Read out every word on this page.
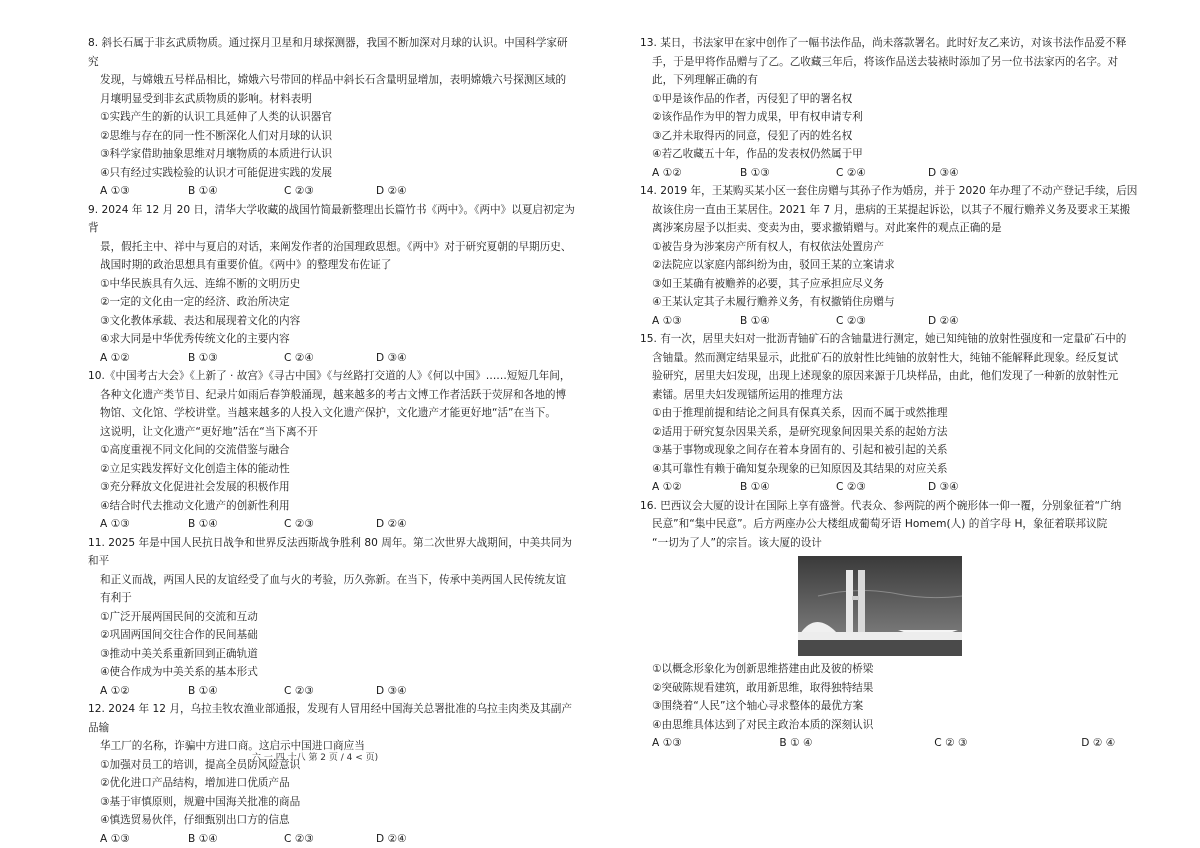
8. 斜长石属于非玄武质物质。通过探月卫星和月球探测器，我国不断加深对月球的认识。中国科学家研究
发现，与嫦娥五号样品相比，嫦娥六号带回的样品中斜长石含量明显增加，表明嫦娥六号探测区域的
月壤明显受到非玄武质物质的影响。材料表明
①实践产生的新的认识工具延伸了人类的认识器官
②思维与存在的同一性不断深化人们对月球的认识
③科学家借助抽象思维对月壤物质的本质进行认识
④只有经过实践检验的认识才可能促进实践的发展
A ①③	B ①④	C ②③	D ②④
9. 2024 年 12 月 20 日，清华大学收藏的战国竹简最新整理出长篇竹书《两中》。《两中》以夏启初定为背
景，假托主中、祥中与夏启的对话，来阐发作者的治国理政思想。《两中》对于研究夏朝的早期历史、
战国时期的政治思想具有重要价值。《两中》的整理发布佐证了
①中华民族具有久远、连绵不断的文明历史
②一定的文化由一定的经济、政治所决定
③文化教体承载、表达和展现着文化的内容
④求大同是中华优秀传统文化的主要内容
A ①②	B ①③	C ②④	D ③④
10.《中国考古大会》《上新了 · 故宫》《寻古中国》《与丝路打交道的人》《何以中国》……短短几年间，
各种文化遗产类节目、纪录片如雨后春笋般涌现，越来越多的考古文博工作者活跃于荧屏和各地的博
物馆、文化馆、学校讲堂。当越来越多的人投入文化遗产保护，文化遗产才能更好地“活”在当下。
这说明，让文化遗产“更好地”活在“当下离不开
①高度重视不同文化间的交流借鉴与融合
②立足实践发挥好文化创造主体的能动性
③充分释放文化促进社会发展的积极作用
④结合时代去推动文化遗产的创新性利用
A ①③	B ①④	C ②③	D ②④
11. 2025 年是中国人民抗日战争和世界反法西斯战争胜利 80 周年。第二次世界大战期间，中美共同为和平
和正义而战，两国人民的友谊经受了血与火的考验，历久弥新。在当下，传承中美两国人民传统友谊
有利于
①广泛开展两国民间的交流和互动
②巩固两国间交往合作的民间基础
③推动中美关系重新回到正确轨道
④使合作成为中美关系的基本形式
A ①②	B ①④	C ②③	D ③④
12. 2024 年 12 月，乌拉圭牧农渔业部通报，发现有人冒用经中国海关总署批准的乌拉圭肉类及其副产品输
华工厂的名称，诈骗中方进口商。这启示中国进口商应当
①加强对员工的培训，提高全员防风险意识
②优化进口产品结构，增加进口优质产品
③基于审慎原则，规避中国海关批准的商品
④慎选贸易伙伴，仔细甄别出口方的信息
A ①③	B ①④	C ②③	D ②④
六 一 四 十八 第 2 页 / 4 < 页)
13. 某日，书法家甲在家中创作了一幅书法作品，尚未落款署名。此时好友乙来访，对该书法作品爱不释
手，于是甲将作品赠与了乙。乙收藏三年后，将该作品送去装裱时添加了另一位书法家丙的名字。对
此，下列理解正确的有
①甲是该作品的作者，丙侵犯了甲的署名权
②该作品作为甲的智力成果，甲有权申请专利
③乙并未取得丙的同意，侵犯了丙的姓名权
④若乙收藏五十年，作品的发表权仍然属于甲
A ①②	B ①③	C ②④	D ③④
14. 2019 年，王某购买某小区一套住房赠与其孙子作为婚房，并于 2020 年办理了不动产登记手续，后因
故该住房一直由王某居住。2021 年 7 月，患病的王某提起诉讼，以其子不履行赡养义务及要求王某搬
离涉案房屋予以拒卖、变卖为由，要求撤销赠与。对此案件的观点正确的是
①被告身为涉案房产所有权人，有权依法处置房产
②法院应以家庭内部纠纷为由，驳回王某的立案请求
③如王某确有被赡养的必要，其子应承担应尽义务
④王某认定其子未履行赡养义务，有权撤销住房赠与
A ①③	B ①④	C ②③	D ②④
15. 有一次，居里夫妇对一批沥青铀矿石的含铀量进行测定，她已知纯铀的放射性强度和一定量矿石中的
含铀量。然而测定结果显示，此批矿石的放射性比纯铀的放射性大，纯铀不能解释此现象。经反复试
验研究，居里夫妇发现，出现上述现象的原因来源于几块样品，由此，他们发现了一种新的放射性元
素镭。居里夫妇发现镭所运用的推理方法
①由于推理前提和结论之间具有保真关系，因而不属于或然推理
②适用于研究复杂因果关系，是研究现象间因果关系的起始方法
③基于事物或现象之间存在着本身固有的、引起和被引起的关系
④其可靠性有赖于确知复杂现象的已知原因及其结果的对应关系
A ①②	B ①④	C ②③	D ③④
16. 巴西议会大厦的设计在国际上享有盛誉。代表众、参两院的两个碗形体一仰一覆，分别象征着“广纳
民意”和“集中民意”。后方两座办公大楼组成葡萄牙语 Homem(人) 的首字母 H，象征着联邦议院
“一切为了人”的宗旨。该大厦的设计
①以概念形象化为创新思维搭建由此及彼的桥梁
②突破陈规看建筑，敢用新思维，取得独特结果
③围绕着“人民”这个轴心寻求整体的最优方案
④由思维具体达到了对民主政治本质的深刻认识
A ①③	B ① ④	C ② ③	D ② ④
